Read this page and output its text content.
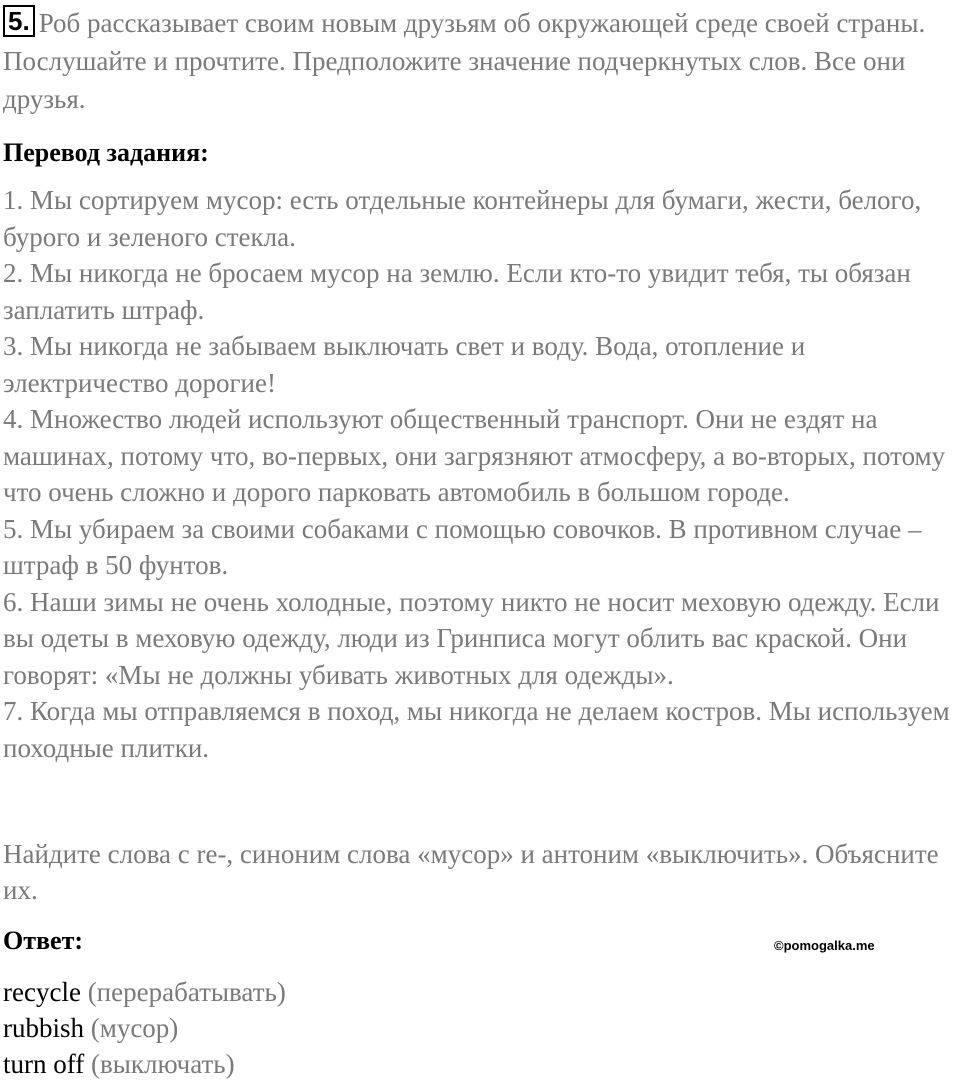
5. Роб рассказывает своим новым друзьям об окружающей среде своей страны. Послушайте и прочтите. Предположите значение подчеркнутых слов. Все они друзья.

Перевод задания:
1. Мы сортируем мусор: есть отдельные контейнеры для бумаги, жести, белого, бурого и зеленого стекла.
2. Мы никогда не бросаем мусор на землю. Если кто-то увидит тебя, ты обязан заплатить штраф.
3. Мы никогда не забываем выключать свет и воду. Вода, отопление и электричество дорогие!
4. Множество людей используют общественный транспорт. Они не ездят на машинах, потому что, во-первых, они загрязняют атмосферу, а во-вторых, потому что очень сложно и дорого парковать автомобиль в большом городе.
5. Мы убираем за своими собаками с помощью совочков. В противном случае – штраф в 50 фунтов.
6. Наши зимы не очень холодные, поэтому никто не носит меховую одежду. Если вы одеты в меховую одежду, люди из Гринписа могут облить вас краской. Они говорят: «Мы не должны убивать животных для одежды».
7. Когда мы отправляемся в поход, мы никогда не делаем костров. Мы используем походные плитки.

Найдите слова с re-, синоним слова «мусор» и антоним «выключить». Объясните их.

Ответ:	©pomogalka.me
recycle (перерабатывать)
rubbish (мусор)
turn off (выключать)
